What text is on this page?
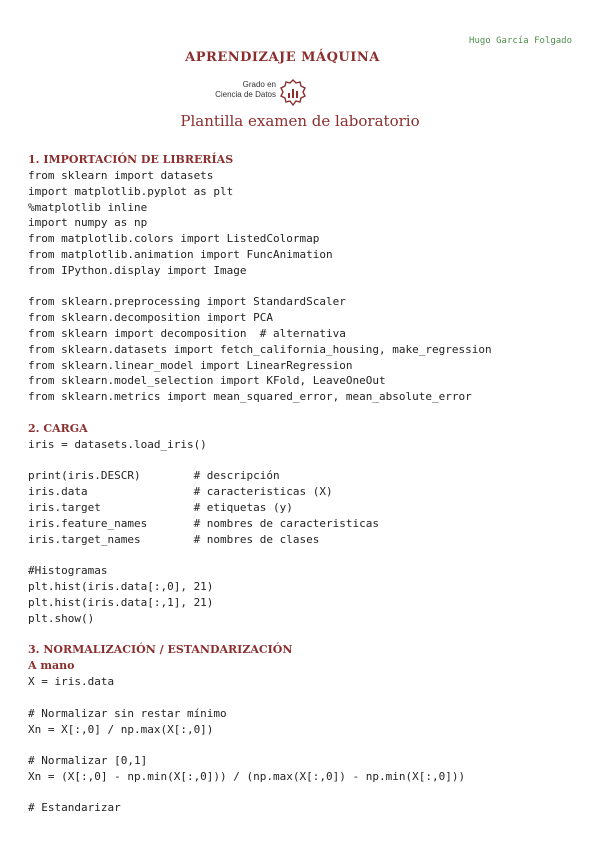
Hugo García Folgado
APRENDIZAJE MÁQUINA
Grado en
Ciencia de Datos
Plantilla examen de laboratorio
1. IMPORTACIÓN DE LIBRERÍAS
from sklearn import datasets
import matplotlib.pyplot as plt
%matplotlib inline
import numpy as np
from matplotlib.colors import ListedColormap
from matplotlib.animation import FuncAnimation
from IPython.display import Image
from sklearn.preprocessing import StandardScaler
from sklearn.decomposition import PCA
from sklearn import decomposition  # alternativa
from sklearn.datasets import fetch_california_housing, make_regression
from sklearn.linear_model import LinearRegression
from sklearn.model_selection import KFold, LeaveOneOut
from sklearn.metrics import mean_squared_error, mean_absolute_error
2. CARGA
iris = datasets.load_iris()
print(iris.DESCR)        # descripción
iris.data                # caracteristicas (X)
iris.target              # etiquetas (y)
iris.feature_names       # nombres de caracteristicas
iris.target_names        # nombres de clases
#Histogramas
plt.hist(iris.data[:,0], 21)
plt.hist(iris.data[:,1], 21)
plt.show()
3. NORMALIZACIÓN / ESTANDARIZACIÓN
A mano
X = iris.data
# Normalizar sin restar mínimo
Xn = X[:,0] / np.max(X[:,0])
# Normalizar [0,1]
Xn = (X[:,0] - np.min(X[:,0])) / (np.max(X[:,0]) - np.min(X[:,0]))
# Estandarizar
